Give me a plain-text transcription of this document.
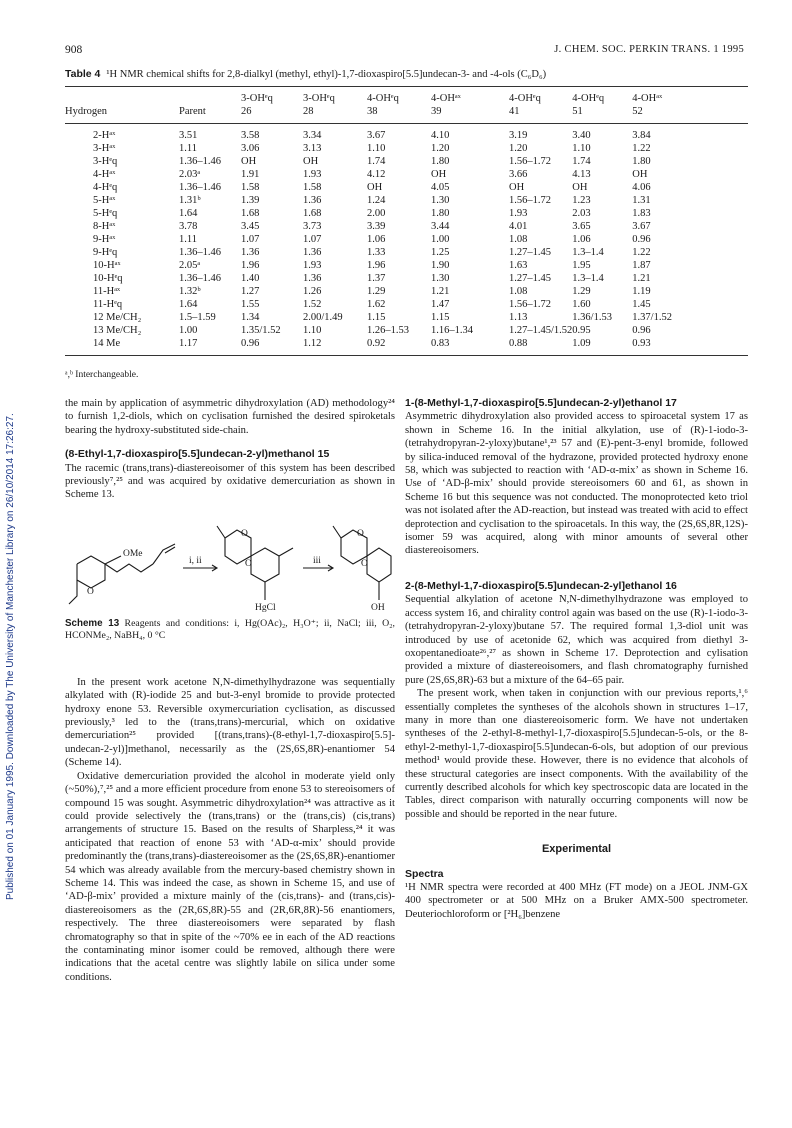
908	J. CHEM. SOC. PERKIN TRANS. 1 1995
Published on 01 January 1995. Downloaded by The University of Manchester Library on 26/10/2014 17:26:27.
Table 4 ¹H NMR chemical shifts for 2,8-dialkyl (methyl, ethyl)-1,7-dioxaspiro[5.5]undecan-3- and -4-ols (C₆D₆)
		3-OHᵉq	3-OHᵉq	4-OHᵉq	4-OHᵃˣ	4-OHᵉq	4-OHᵉq	4-OHᵃˣ
Hydrogen	Parent	26	28	38	39	41	51	52
2-Hᵃˣ	3.51	3.58	3.34	3.67	4.10	3.19	3.40	3.84
3-Hᵃˣ	1.11	3.06	3.13	1.10	1.20	1.20	1.10	1.22
3-Hᵉq	1.36–1.46	OH	OH	1.74	1.80	1.56–1.72	1.74	1.80
4-Hᵃˣ	2.03ᵃ	1.91	1.93	4.12	OH	3.66	4.13	OH
4-Hᵉq	1.36–1.46	1.58	1.58	OH	4.05	OH	OH	4.06
5-Hᵃˣ	1.31ᵇ	1.39	1.36	1.24	1.30	1.56–1.72	1.23	1.31
5-Hᵉq	1.64	1.68	1.68	2.00	1.80	1.93	2.03	1.83
8-Hᵃˣ	3.78	3.45	3.73	3.39	3.44	4.01	3.65	3.67
9-Hᵃˣ	1.11	1.07	1.07	1.06	1.00	1.08	1.06	0.96
9-Hᵉq	1.36–1.46	1.36	1.36	1.33	1.25	1.27–1.45	1.3–1.4	1.22
10-Hᵃˣ	2.05ᵃ	1.96	1.93	1.96	1.90	1.63	1.95	1.87
10-Hᵉq	1.36–1.46	1.40	1.36	1.37	1.30	1.27–1.45	1.3–1.4	1.21
11-Hᵃˣ	1.32ᵇ	1.27	1.26	1.29	1.21	1.08	1.29	1.19
11-Hᵉq	1.64	1.55	1.52	1.62	1.47	1.56–1.72	1.60	1.45
12 Me/CH₂	1.5–1.59	1.34	2.00/1.49	1.15	1.15	1.13	1.36/1.53	1.37/1.52
13 Me/CH₂	1.00	1.35/1.52	1.10	1.26–1.53	1.16–1.34	1.27–1.45/1.52	0.95	0.96
14 Me	1.17	0.96	1.12	0.92	0.83	0.88	1.09	0.93
ᵃ,ᵇ Interchangeable.

the main by application of asymmetric dihydroxylation (AD) methodology²⁴ to furnish 1,2-diols, which on cyclisation furnished the desired spiroketals bearing the hydroxy-substituted side-chain.

(8-Ethyl-1,7-dioxaspiro[5.5]undecan-2-yl)methanol 15

The racemic (trans,trans)-diastereoisomer of this system has been described previously⁷,²⁵ and was acquired by oxidative demercuriation as shown in Scheme 13.

OMe
O
i, ii	iii
O
O
O
O
HgCl	OH
Scheme 13 Reagents and conditions: i, Hg(OAc)₂, H₃O⁺; ii, NaCl; iii, O₂, HCONMe₂, NaBH₄, 0 °C

In the present work acetone N,N-dimethylhydrazone was sequentially alkylated with (R)-iodide 25 and but-3-enyl bromide to provide protected hydroxy enone 53. Reversible oxymercuriation cyclisation, as discussed previously,³ led to the (trans,trans)-mercurial, which on oxidative demercuriation²⁵ provided [(trans,trans)-(8-ethyl-1,7-dioxaspiro[5.5]-undecan-2-yl)]methanol, necessarily as the (2S,6S,8R)-enantiomer 54 (Scheme 14).

Oxidative demercuriation provided the alcohol in moderate yield only (~50%),⁷,²⁵ and a more efficient procedure from enone 53 to stereoisomers of compound 15 was sought. Asymmetric dihydroxylation²⁴ was attractive as it could provide selectively the (trans,trans) or the (trans,cis) (cis,trans) arrangements of structure 15. Based on the results of Sharpless,²⁴ it was anticipated that reaction of enone 53 with ‘AD-α-mix’ should provide predominantly the (trans,trans)-diastereoisomer as the (2S,6S,8R)-enantiomer 54 which was already available from the mercury-based chemistry shown in Scheme 14. This was indeed the case, as shown in Scheme 15, and use of ‘AD-β-mix’ provided a mixture mainly of the (cis,trans)- and (trans,cis)-diastereoisomers as the (2R,6S,8R)-55 and (2R,6R,8R)-56 enantiomers, respectively. The three diastereoisomers were separated by flash chromatography so that in spite of the ~70% ee in each of the AD reactions the contaminating minor isomer could be removed, although there were indications that the acetal centre was slightly labile on silica under some conditions.

1-(8-Methyl-1,7-dioxaspiro[5.5]undecan-2-yl)ethanol 17

Asymmetric dihydroxylation also provided access to spiroacetal system 17 as shown in Scheme 16. In the initial alkylation, use of (R)-1-iodo-3-(tetrahydropyran-2-yloxy)butane¹,²³ 57 and (E)-pent-3-enyl bromide, followed by silica-induced removal of the hydrazone, provided protected hydroxy enone 58, which was subjected to reaction with ‘AD-α-mix’ as shown in Scheme 16. Use of ‘AD-β-mix’ should provide stereoisomers 60 and 61, as shown in Scheme 16 but this sequence was not conducted. The monoprotected keto triol was not isolated after the AD-reaction, but instead was treated with acid to effect deprotection and cyclisation to the spiroacetals. In this way, the (2S,6S,8R,12S)-isomer 59 was acquired, along with minor amounts of several other diastereoisomers.

2-(8-Methyl-1,7-dioxaspiro[5.5]undecan-2-yl]ethanol 16

Sequential alkylation of acetone N,N-dimethylhydrazone was employed to access system 16, and chirality control again was based on the use (R)-1-iodo-3-(tetrahydropyran-2-yloxy)butane 57. The required formal 1,3-diol unit was introduced by use of acetonide 62, which was acquired from diethyl 3-oxopentanedioate²⁶,²⁷ as shown in Scheme 17. Deprotection and cylisation provided a mixture of diastereoisomers, and flash chromatography furnished pure (2S,6S,8R)-63 but a mixture of the 64–65 pair.

The present work, when taken in conjunction with our previous reports,¹,⁶ essentially completes the syntheses of the alcohols shown in structures 1–17, many in more than one diastereoisomeric form. We have not undertaken syntheses of the 2-ethyl-8-methyl-1,7-dioxaspiro[5.5]undecan-5-ols, or the 8-ethyl-2-methyl-1,7-dioxaspiro[5.5]undecan-6-ols, but adoption of our previous method¹ would provide these. However, there is no evidence that alcohols of these structural categories are insect components. With the availability of the currently described alcohols for which key spectroscopic data are located in the Tables, direct comparison with naturally occurring components will now be possible and should be reported in the near future.

Experimental
Spectra

¹H NMR spectra were recorded at 400 MHz (FT mode) on a JEOL JNM-GX 400 spectrometer or at 500 MHz on a Bruker AMX-500 spectrometer. Deuteriochloroform or [²H₆]benzene
